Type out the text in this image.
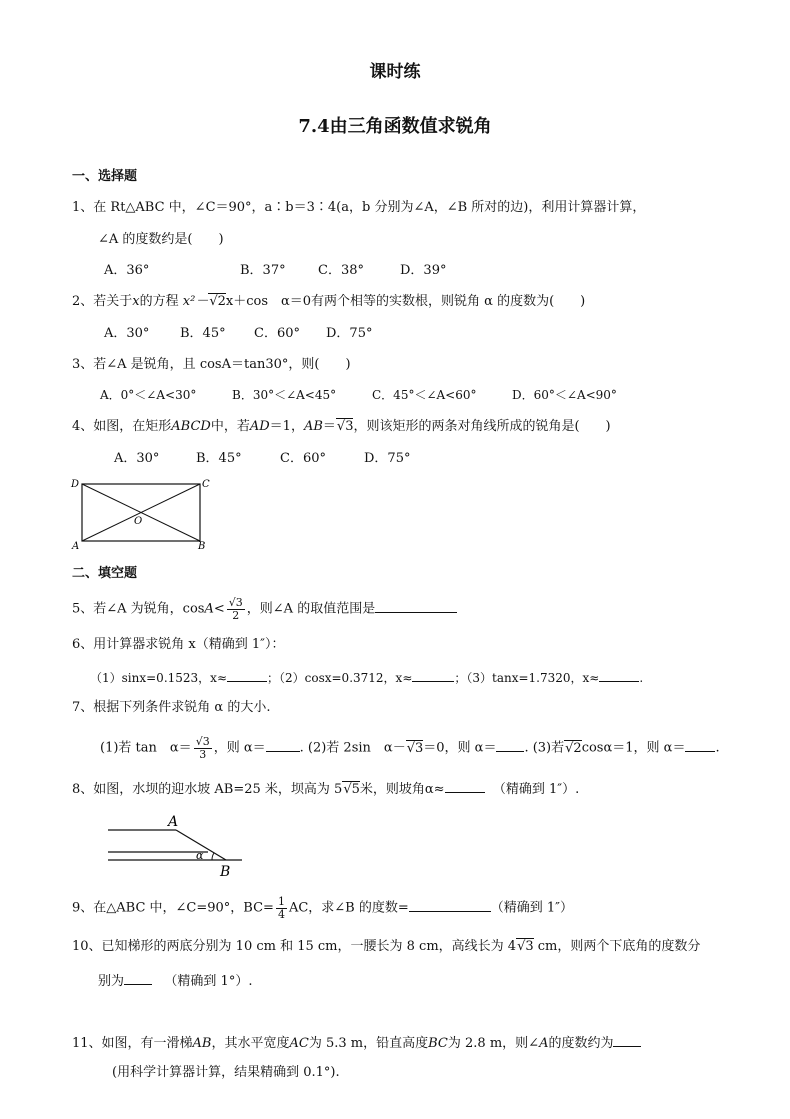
课时练
7.4由三角函数值求锐角
一、选择题
1、在 Rt△ABC 中，∠C＝90°，a∶b＝3∶4(a，b 分别为∠A，∠B 所对的边)，利用计算器计算，
∠A 的度数约是(　　)
A．36°	B．37° C．38°	D．39°
2、若关于x的方程 x²－√2x＋cos　α＝0有两个相等的实数根，则锐角 α 的度数为(　　)
A．30° B．45° C．60° D．75°
3、若∠A 是锐角，且 cosA＝tan30°，则(　　)
A．0°＜∠A<30°	B．30°＜∠A<45°	C．45°＜∠A<60°	D．60°＜∠A<90°
4、如图，在矩形ABCD中，若AD＝1，AB＝√3，则该矩形的两条对角线所成的锐角是(　　)
A．30°	B．45°	C．60°	D．75°
D	C
A	B
O
二、填空题
5、若∠A 为锐角，$\cos A< \frac{√3}{2}$ ，则∠A 的取值范围是
6、用计算器求锐角 x（精确到 1″）：
（1）sinx=0.1523，x≈	；（2）cosx=0.3712，x≈	；（3）tanx=1.7320，x≈	.
7、根据下列条件求锐角 α 的大小.
(1)若 tan　$\alpha= \frac{√3}{3}$ ，则 α＝	. (2)若 2sin　α－√3＝0，则 α＝ . (3)若√2cosα＝1，则 α＝ .
8、如图，水坝的迎水坡 AB=25 米，坝高为 5√5米，则坡角α≈	（精确到 1″）.
A
B
α
9、在△ABC 中，∠C=90°，$BC= \frac{1}{4}$ AC，求∠B 的度数=	（精确到 1″）
10、已知梯形的两底分别为 10 cm 和 15 cm，一腰长为 8 cm，高线长为 4√3 cm，则两个下底角的度数分
别为	（精确到 1°）.
11、如图，有一滑梯AB，其水平宽度AC为 5.3 m，铅直高度BC为 2.8 m，则∠A的度数约为
(用科学计算器计算，结果精确到 0.1°).
